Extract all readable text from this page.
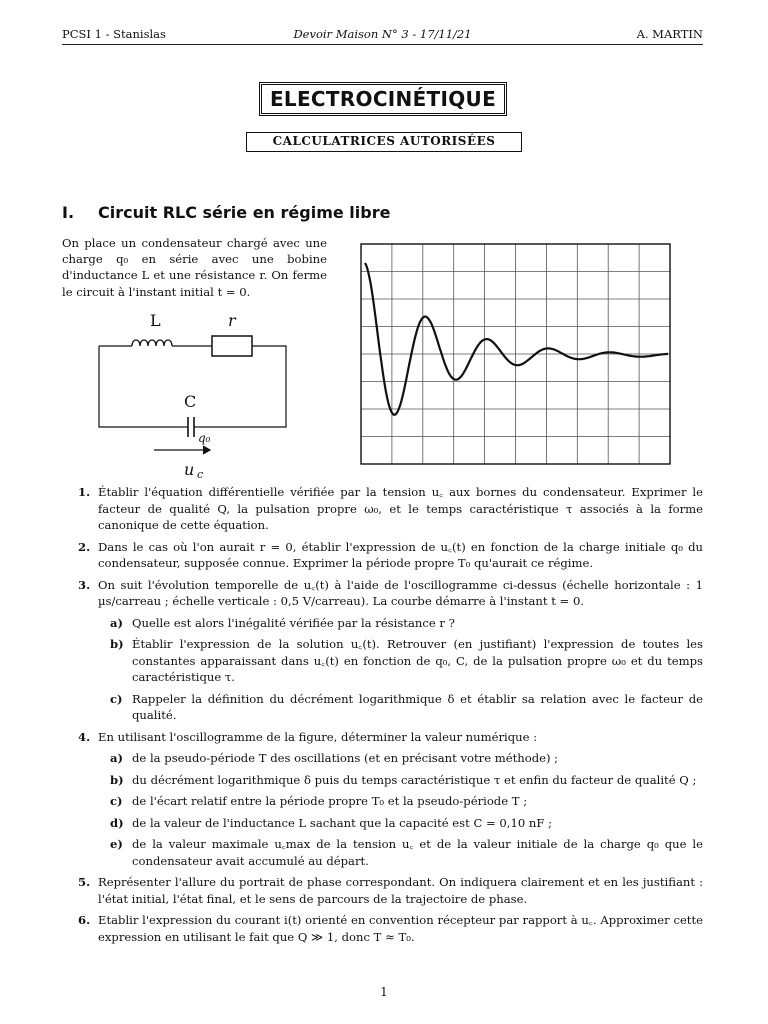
PCSI 1 - Stanislas	Devoir Maison N° 3 - 17/11/21	A. MARTIN
ELECTROCINÉTIQUE
CALCULATRICES AUTORISÉES
I. Circuit RLC série en régime libre
On place un condensateur chargé avec une charge q₀ en série avec une bobine d'inductance L et une résistance r. On ferme le circuit à l'instant initial t = 0.
L	r
C
q₀
u c
1. Établir l'équation différentielle vérifiée par la tension u꜀ aux bornes du condensateur. Exprimer le facteur de qualité Q, la pulsation propre ω₀, et le temps caractéristique τ associés à la forme canonique de cette équation.
2. Dans le cas où l'on aurait r = 0, établir l'expression de u꜀(t) en fonction de la charge initiale q₀ du condensateur, supposée connue. Exprimer la période propre T₀ qu'aurait ce régime.
3. On suit l'évolution temporelle de u꜀(t) à l'aide de l'oscillogramme ci-dessus (échelle horizontale : 1 µs/carreau ; échelle verticale : 0,5 V/carreau). La courbe démarre à l'instant t = 0.
a) Quelle est alors l'inégalité vérifiée par la résistance r ?
b) Établir l'expression de la solution u꜀(t). Retrouver (en justifiant) l'expression de toutes les constantes apparaissant dans u꜀(t) en fonction de q₀, C, de la pulsation propre ω₀ et du temps caractéristique τ.
c) Rappeler la définition du décrément logarithmique δ et établir sa relation avec le facteur de qualité.
4. En utilisant l'oscillogramme de la figure, déterminer la valeur numérique :
a) de la pseudo-période T des oscillations (et en précisant votre méthode) ;
b) du décrément logarithmique δ puis du temps caractéristique τ et enfin du facteur de qualité Q ;
c) de l'écart relatif entre la période propre T₀ et la pseudo-période T ;
d) de la valeur de l'inductance L sachant que la capacité est C = 0,10 nF ;
e) de la valeur maximale u꜀max de la tension u꜀ et de la valeur initiale de la charge q₀ que le condensateur avait accumulé au départ.
5. Représenter l'allure du portrait de phase correspondant. On indiquera clairement et en les justifiant : l'état initial, l'état final, et le sens de parcours de la trajectoire de phase.
6. Etablir l'expression du courant i(t) orienté en convention récepteur par rapport à u꜀. Approximer cette expression en utilisant le fait que Q ≫ 1, donc T ≈ T₀.
1
